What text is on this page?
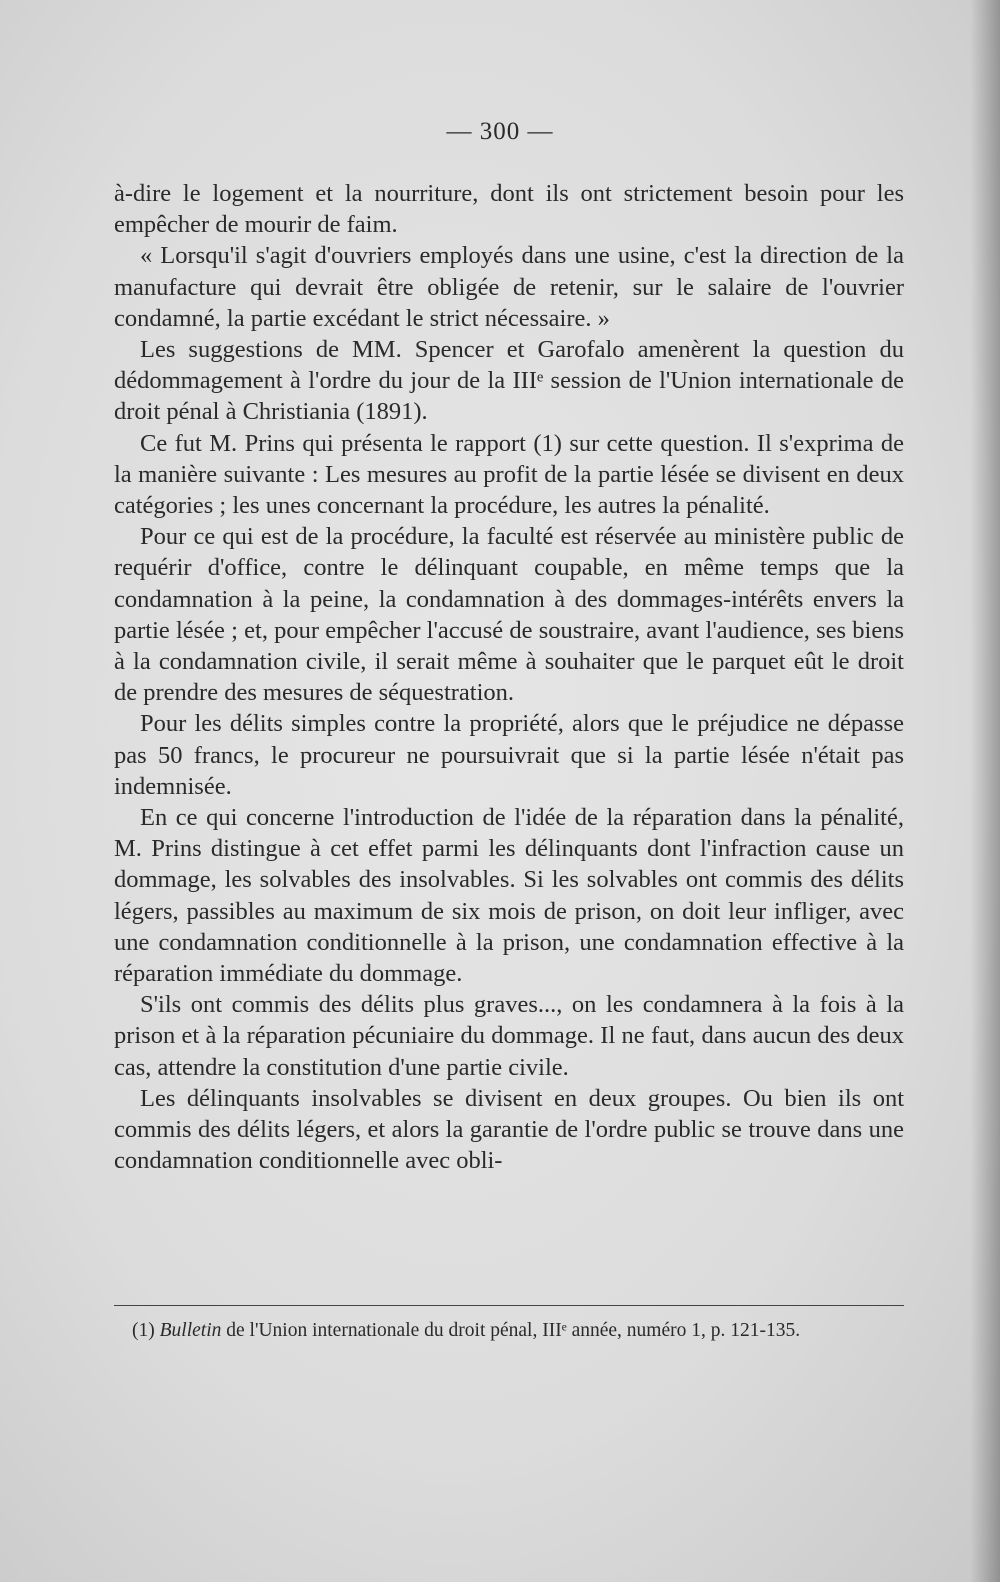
— 300 —

à-dire le logement et la nourriture, dont ils ont strictement besoin pour les empêcher de mourir de faim.

« Lorsqu'il s'agit d'ouvriers employés dans une usine, c'est la direction de la manufacture qui devrait être obligée de retenir, sur le salaire de l'ouvrier condamné, la partie excédant le strict nécessaire. »

Les suggestions de MM. Spencer et Garofalo amenèrent la question du dédommagement à l'ordre du jour de la IIIᵉ session de l'Union internationale de droit pénal à Christiania (1891).

Ce fut M. Prins qui présenta le rapport (1) sur cette question. Il s'exprima de la manière suivante : Les mesures au profit de la partie lésée se divisent en deux catégories ; les unes concernant la procédure, les autres la pénalité.

Pour ce qui est de la procédure, la faculté est réservée au ministère public de requérir d'office, contre le délinquant coupable, en même temps que la condamnation à la peine, la condamnation à des dommages-intérêts envers la partie lésée ; et, pour empêcher l'accusé de soustraire, avant l'audience, ses biens à la condamnation civile, il serait même à souhaiter que le parquet eût le droit de prendre des mesures de séquestration.

Pour les délits simples contre la propriété, alors que le préjudice ne dépasse pas 50 francs, le procureur ne poursuivrait que si la partie lésée n'était pas indemnisée.

En ce qui concerne l'introduction de l'idée de la réparation dans la pénalité, M. Prins distingue à cet effet parmi les délinquants dont l'infraction cause un dommage, les solvables des insolvables. Si les solvables ont commis des délits légers, passibles au maximum de six mois de prison, on doit leur infliger, avec une condamnation conditionnelle à la prison, une condamnation effective à la réparation immédiate du dommage.

S'ils ont commis des délits plus graves..., on les condamnera à la fois à la prison et à la réparation pécuniaire du dommage. Il ne faut, dans aucun des deux cas, attendre la constitution d'une partie civile.

Les délinquants insolvables se divisent en deux groupes. Ou bien ils ont commis des délits légers, et alors la garantie de l'ordre public se trouve dans une condamnation conditionnelle avec obli-

(1) Bulletin de l'Union internationale du droit pénal, IIIᵉ année, numéro 1, p. 121-135.
